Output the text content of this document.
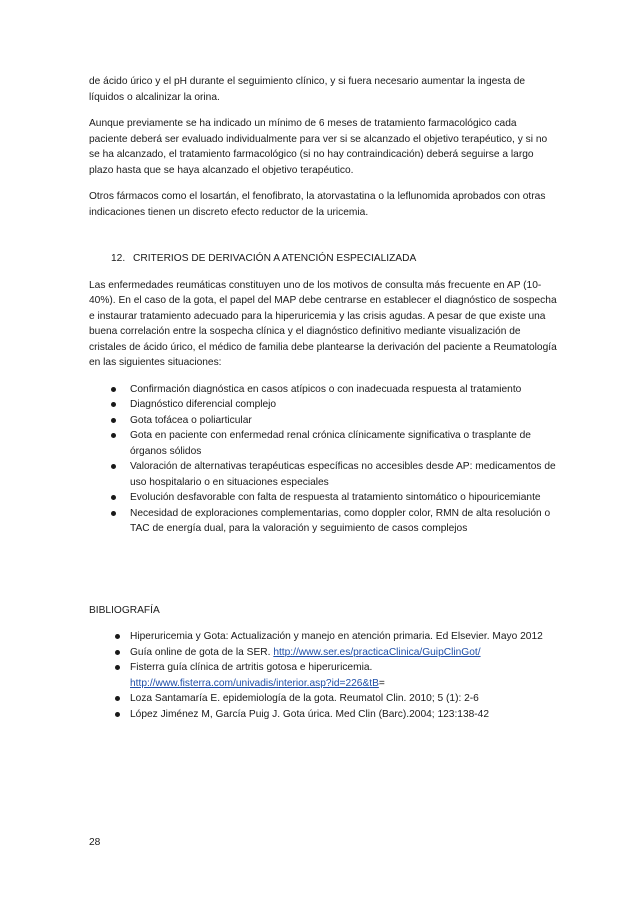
de ácido úrico y el pH durante el seguimiento clínico, y si fuera necesario aumentar la ingesta de líquidos o alcalinizar la orina.

Aunque previamente se ha indicado un mínimo de 6 meses de tratamiento farmacológico cada paciente deberá ser evaluado individualmente para ver si se alcanzado el objetivo terapéutico, y si no se ha alcanzado, el tratamiento farmacológico (si no hay contraindicación) deberá seguirse a largo plazo hasta que se haya alcanzado el objetivo terapéutico.

Otros fármacos como el losartán, el fenofibrato, la atorvastatina o la leflunomida aprobados con otras indicaciones tienen un discreto efecto reductor de la uricemia.

12. CRITERIOS DE DERIVACIÓN A ATENCIÓN ESPECIALIZADA

Las enfermedades reumáticas constituyen uno de los motivos de consulta más frecuente en AP (10-40%). En el caso de la gota, el papel del MAP debe centrarse en establecer el diagnóstico de sospecha e instaurar tratamiento adecuado para la hiperuricemia y las crisis agudas. A pesar de que existe una buena correlación entre la sospecha clínica y el diagnóstico definitivo mediante visualización de cristales de ácido úrico, el médico de familia debe plantearse la derivación del paciente a Reumatología en las siguientes situaciones:

Confirmación diagnóstica en casos atípicos o con inadecuada respuesta al tratamiento
Diagnóstico diferencial complejo
Gota tofácea o poliarticular
Gota en paciente con enfermedad renal crónica clínicamente significativa o trasplante de órganos sólidos
Valoración de alternativas terapéuticas específicas no accesibles desde AP: medicamentos de uso hospitalario o en situaciones especiales
Evolución desfavorable con falta de respuesta al tratamiento sintomático o hipouricemiante
Necesidad de exploraciones complementarias, como doppler color, RMN de alta resolución o TAC de energía dual, para la valoración y seguimiento de casos complejos

BIBLIOGRAFÍA

Hiperuricemia y Gota: Actualización y manejo en atención primaria. Ed Elsevier. Mayo 2012
Guía online de gota de la SER. http://www.ser.es/practicaClinica/GuipClinGot/
Fisterra guía clínica de artritis gotosa e hiperuricemia.
http://www.fisterra.com/univadis/interior.asp?id=226&tB=
Loza Santamaría E. epidemiología de la gota. Reumatol Clin. 2010; 5 (1): 2-6
López Jiménez M, García Puig J. Gota úrica. Med Clin (Barc).2004; 123:138-42
28
